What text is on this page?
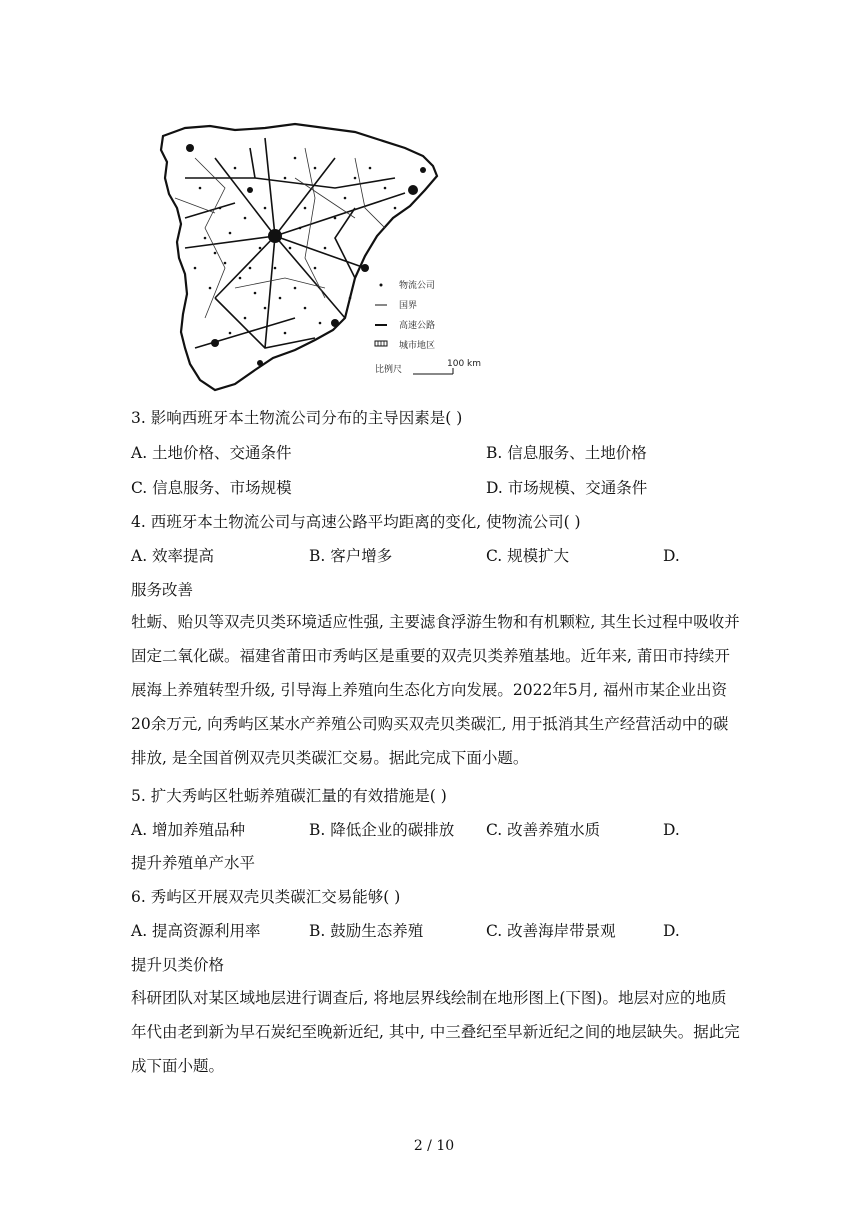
物流公司
国界
高速公路
城市地区
比例尺
100 km
3. 影响西班牙本土物流公司分布的主导因素是( )
A. 土地价格、交通条件	B. 信息服务、土地价格
C. 信息服务、市场规模	D. 市场规模、交通条件
4. 西班牙本土物流公司与高速公路平均距离的变化, 使物流公司( )
A. 效率提高	B. 客户增多	C. 规模扩大	D.
服务改善
牡蛎、贻贝等双壳贝类环境适应性强, 主要滤食浮游生物和有机颗粒, 其生长过程中吸收并固定二氧化碳。福建省莆田市秀屿区是重要的双壳贝类养殖基地。近年来, 莆田市持续开展海上养殖转型升级, 引导海上养殖向生态化方向发展。2022年5月, 福州市某企业出资20余万元, 向秀屿区某水产养殖公司购买双壳贝类碳汇, 用于抵消其生产经营活动中的碳排放, 是全国首例双壳贝类碳汇交易。据此完成下面小题。
5. 扩大秀屿区牡蛎养殖碳汇量的有效措施是( )
A. 增加养殖品种	B. 降低企业的碳排放 C. 改善养殖水质	D.
提升养殖单产水平
6. 秀屿区开展双壳贝类碳汇交易能够( )
A. 提高资源利用率	B. 鼓励生态养殖	C. 改善海岸带景观	D.
提升贝类价格
科研团队对某区域地层进行调查后, 将地层界线绘制在地形图上(下图)。地层对应的地质年代由老到新为早石炭纪至晚新近纪, 其中, 中三叠纪至早新近纪之间的地层缺失。据此完成下面小题。
2 / 10
